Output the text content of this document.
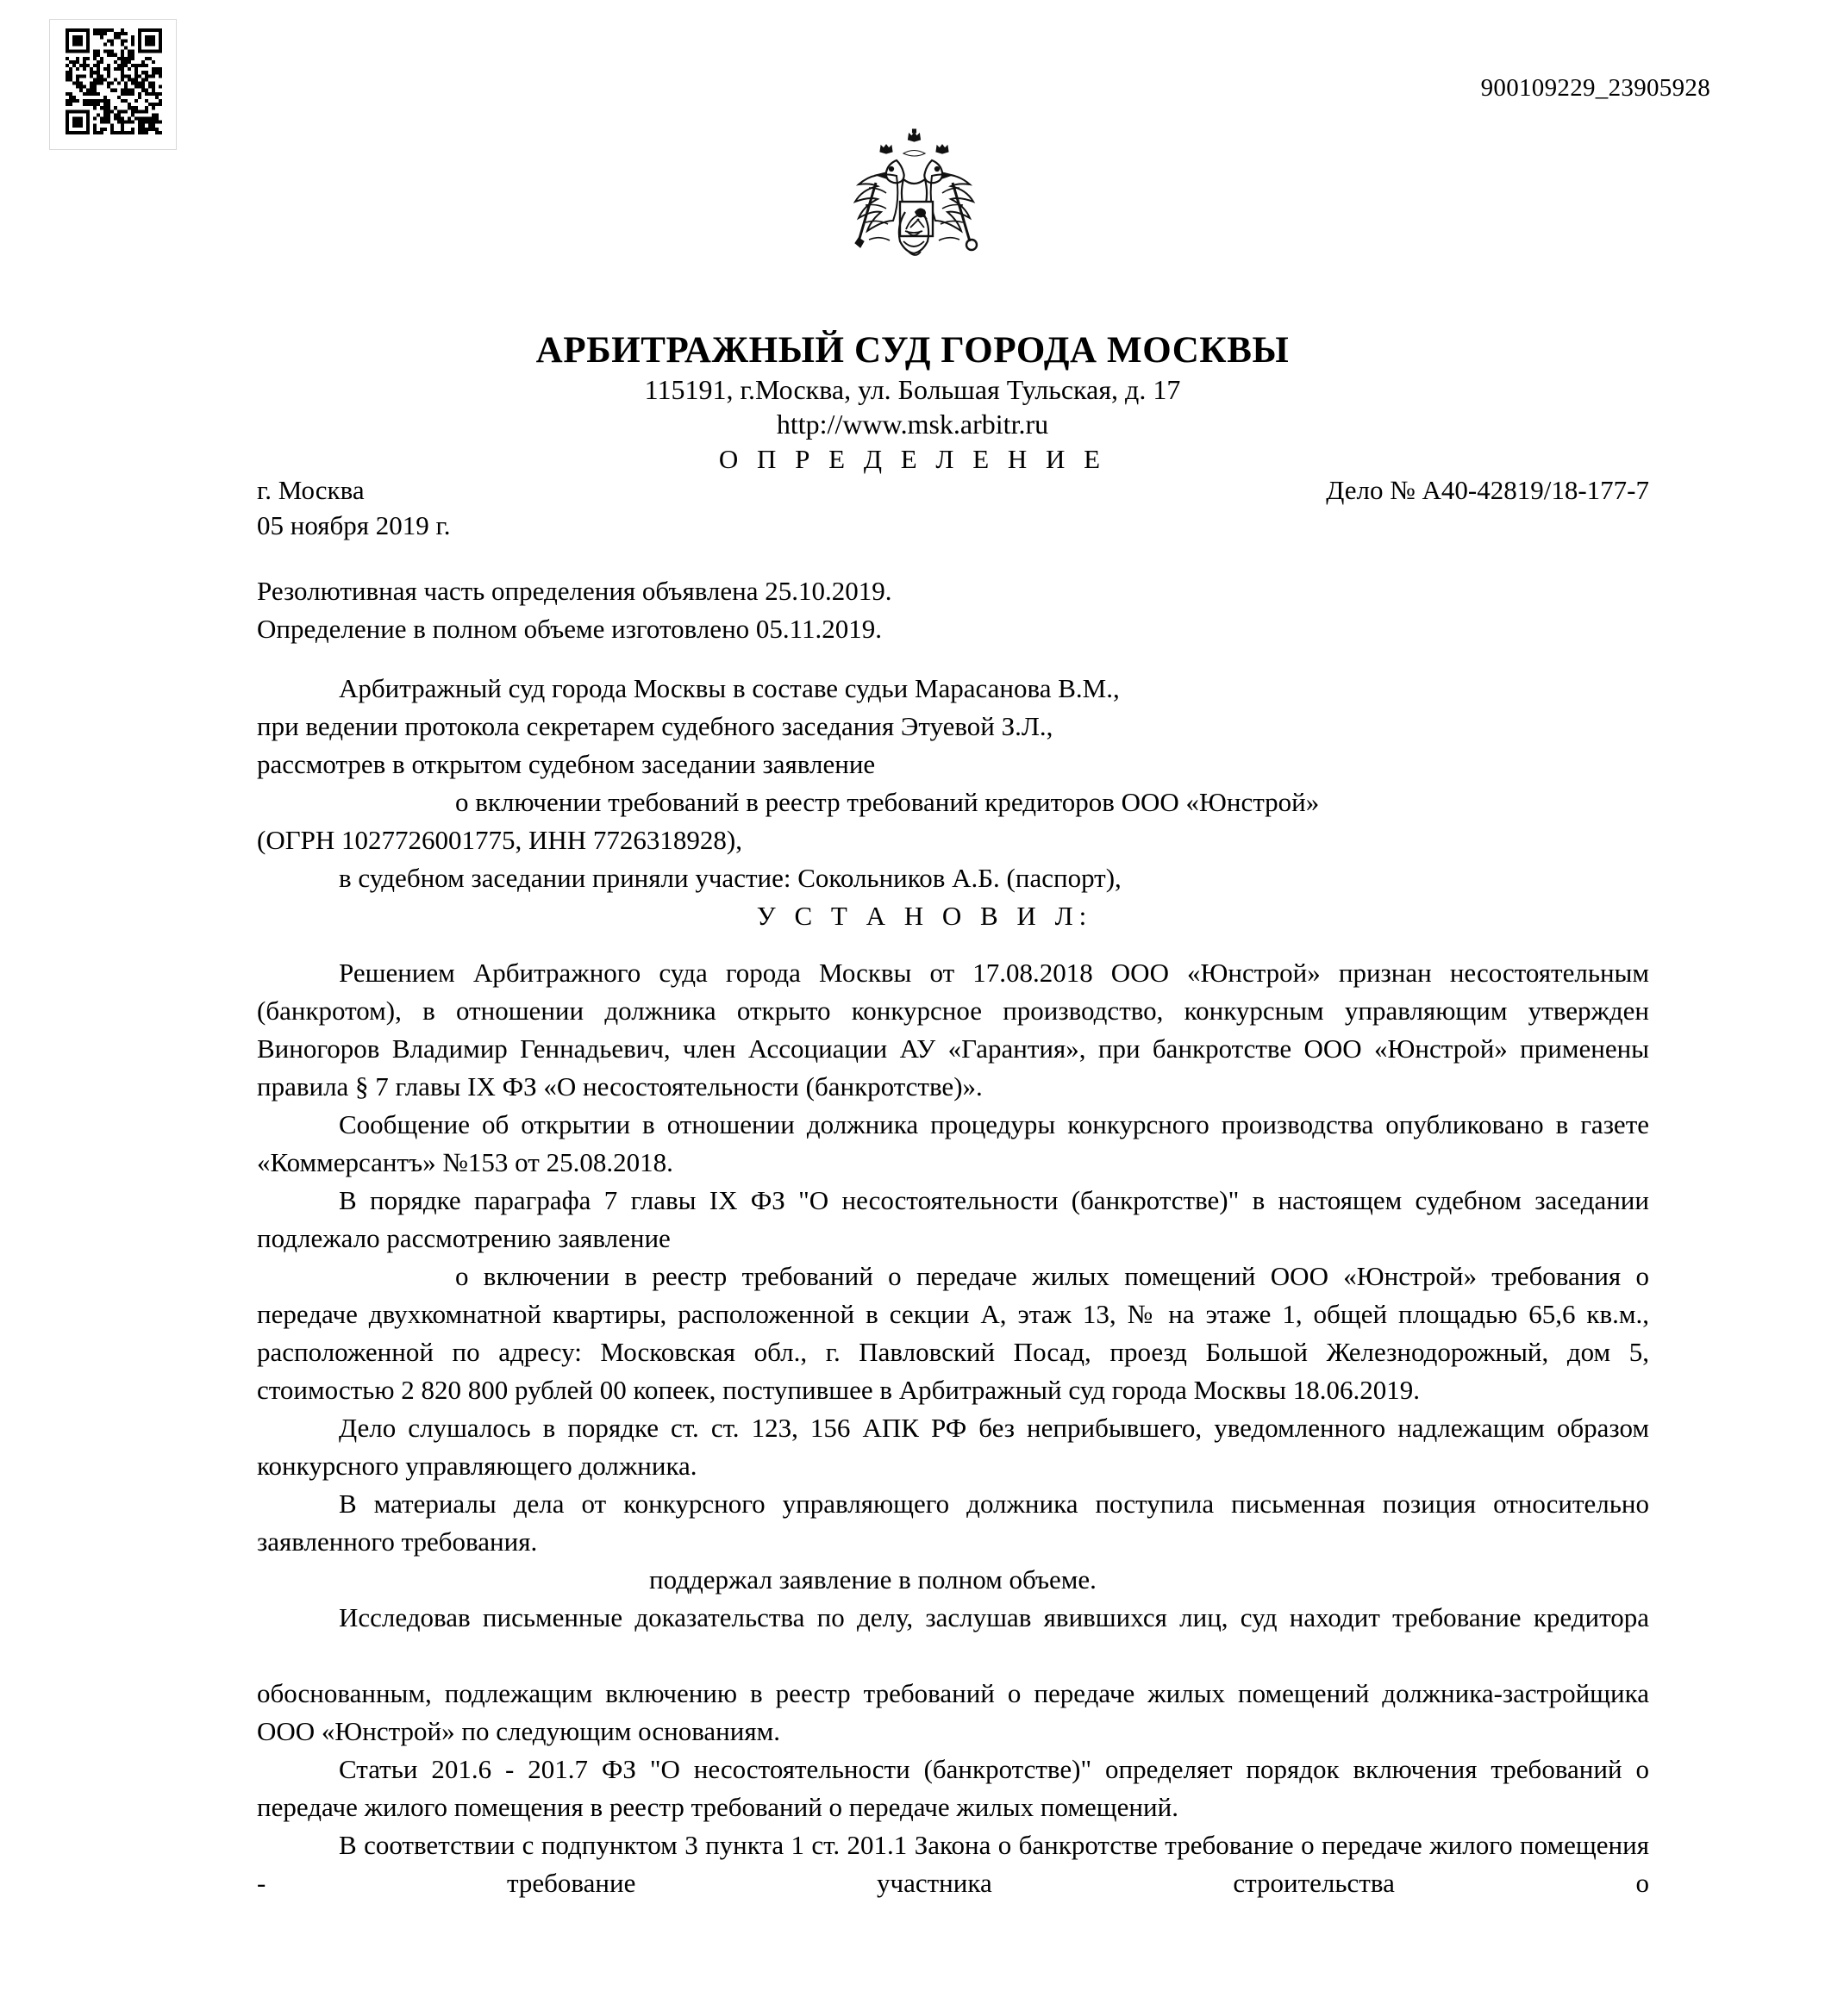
900109229_23905928
АРБИТРАЖНЫЙ СУД ГОРОДА МОСКВЫ
115191, г.Москва, ул. Большая Тульская, д. 17
http://www.msk.arbitr.ru
О П Р Е Д Е Л Е Н И Е
г. Москва	Дело № А40-42819/18-177-7
05 ноября 2019 г.
Резолютивная часть определения объявлена 25.10.2019.
Определение в полном объеме изготовлено 05.11.2019.

Арбитражный суд города Москвы в составе судьи Марасанова В.М.,

при ведении протокола секретарем судебного заседания Этуевой З.Л.,

рассмотрев в открытом судебном заседании заявление

о включении требований в реестр требований кредиторов ООО «Юнстрой»

(ОГРН 1027726001775, ИНН 7726318928),

в судебном заседании приняли участие: Сокольников А.Б. (паспорт),

У С Т А Н О В И Л:

Решением Арбитражного суда города Москвы от 17.08.2018 ООО «Юнстрой» признан несостоятельным (банкротом), в отношении должника открыто конкурсное производство, конкурсным управляющим утвержден Виногоров Владимир Геннадьевич, член Ассоциации АУ «Гарантия», при банкротстве ООО «Юнстрой» применены правила § 7 главы IX ФЗ «О несостоятельности (банкротстве)».

Сообщение об открытии в отношении должника процедуры конкурсного производства опубликовано в газете «Коммерсантъ» №153 от 25.08.2018.

В порядке параграфа 7 главы IX ФЗ "О несостоятельности (банкротстве)" в настоящем судебном заседании подлежало рассмотрению заявление

о включении в реестр требований о передаче жилых помещений ООО «Юнстрой» требования о передаче двухкомнатной квартиры, расположенной в секции А, этаж 13, № на этаже 1, общей площадью 65,6 кв.м., расположенной по адресу: Московская обл., г. Павловский Посад, проезд Большой Железнодорожный, дом 5, стоимостью 2 820 800 рублей 00 копеек, поступившее в Арбитражный суд города Москвы 18.06.2019.

Дело слушалось в порядке ст. ст. 123, 156 АПК РФ без неприбывшего, уведомленного надлежащим образом конкурсного управляющего должника.

В материалы дела от конкурсного управляющего должника поступила письменная позиция относительно заявленного требования.

поддержал заявление в полном объеме.

Исследовав письменные доказательства по делу, заслушав явившихся лиц, суд находит требование кредитора

обоснованным, подлежащим включению в реестр требований о передаче жилых помещений должника-застройщика ООО «Юнстрой» по следующим основаниям.

Статьи 201.6 - 201.7 ФЗ "О несостоятельности (банкротстве)" определяет порядок включения требований о передаче жилого помещения в реестр требований о передаче жилых помещений.

В соответствии с подпунктом 3 пункта 1 ст. 201.1 Закона о банкротстве требование о передаче жилого помещения - требование участника строительства о
